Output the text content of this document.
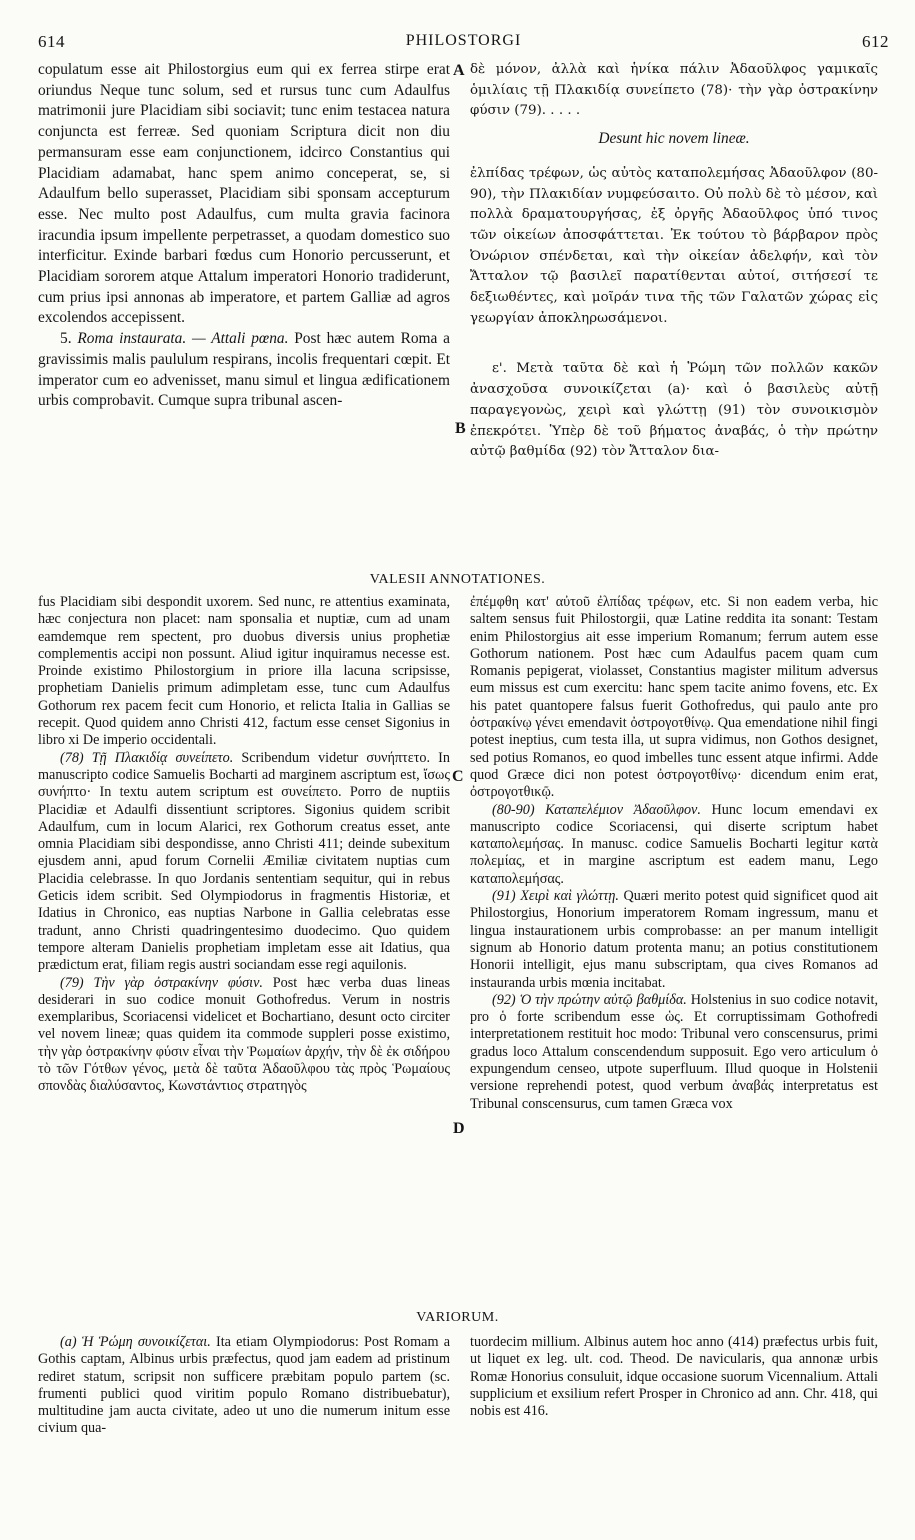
614	PHILOSTORGI	612
A
B
C
D

copulatum esse ait Philostorgius eum qui ex ferrea stirpe erat oriundus Neque tunc solum, sed et rursus tunc cum Adaulfus matrimonii jure Placidiam sibi sociavit; tunc enim testacea natura conjuncta est ferreæ. Sed quoniam Scriptura dicit non diu permansuram esse eam conjunctionem, idcirco Constantius qui Placidiam adamabat, hanc spem animo conceperat, se, si Adaulfum bello superasset, Placidiam sibi sponsam accepturum esse. Nec multo post Adaulfus, cum multa gravia facinora iracundia ipsum impellente perpetrasset, a quodam domestico suo interficitur. Exinde barbari fœdus cum Honorio percusserunt, et Placidiam sororem atque Attalum imperatori Honorio tradiderunt, cum prius ipsi annonas ab imperatore, et partem Galliæ ad agros excolendos accepissent.

5. Roma instaurata. — Attali pœna. Post hæc autem Roma a gravissimis malis paululum respirans, incolis frequentari cœpit. Et imperator cum eo advenisset, manu simul et lingua ædificationem urbis comprobavit. Cumque supra tribunal ascen-

δὲ μόνον, ἀλλὰ καὶ ἡνίκα πάλιν Ἀδαοῦλφος γαμικαῖς ὁμιλίαις τῇ Πλακιδίᾳ συνείπετο (78)· τὴν γὰρ ὀστρακίνην φύσιν (79). . . . .

Desunt hic novem lineæ.

ἐλπίδας τρέφων, ὡς αὐτὸς καταπολεμήσας Ἀδαοῦλφον (80-90), τὴν Πλακιδίαν νυμφεύσαιτο. Οὐ πολὺ δὲ τὸ μέσον, καὶ πολλὰ δραματουργήσας, ἐξ ὀργῆς Ἀδαοῦλφος ὑπό τινος τῶν οἰκείων ἀποσφάττεται. Ἐκ τούτου τὸ βάρβαρον πρὸς Ὀνώριον σπένδεται, καὶ τὴν οἰκείαν ἀδελφήν, καὶ τὸν Ἄτταλον τῷ βασιλεῖ παρατίθενται αὐτοί, σιτήσεσί τε δεξιωθέντες, καὶ μοῖράν τινα τῆς τῶν Γαλατῶν χώρας εἰς γεωργίαν ἀποκληρωσάμενοι.

ε'. Μετὰ ταῦτα δὲ καὶ ἡ Ῥώμη τῶν πολλῶν κακῶν ἀνασχοῦσα συνοικίζεται (a)· καὶ ὁ βασιλεὺς αὐτῇ παραγεγονὼς, χειρὶ καὶ γλώττῃ (91) τὸν συνοικισμὸν ἐπεκρότει. Ὑπὲρ δὲ τοῦ βήματος ἀναβάς, ὁ τὴν πρώτην αὐτῷ βαθμίδα (92) τὸν Ἄτταλον δια-

VALESII ANNOTATIONES.

fus Placidiam sibi despondit uxorem. Sed nunc, re attentius examinata, hæc conjectura non placet: nam sponsalia et nuptiæ, cum ad unam eamdemque rem spectent, pro duobus diversis unius prophetiæ complementis accipi non possunt. Aliud igitur inquiramus necesse est. Proinde existimo Philostorgium in priore illa lacuna scripsisse, prophetiam Danielis primum adimpletam esse, tunc cum Adaulfus Gothorum rex pacem fecit cum Honorio, et relicta Italia in Gallias se recepit. Quod quidem anno Christi 412, factum esse censet Sigonius in libro xi De imperio occidentali.

(78) Τῇ Πλακιδίᾳ συνείπετο. Scribendum videtur συνήπτετο. In manuscripto codice Samuelis Bocharti ad marginem ascriptum est, ἴσως συνήπτο· In textu autem scriptum est συνείπετο. Porro de nuptiis Placidiæ et Adaulfi dissentiunt scriptores. Sigonius quidem scribit Adaulfum, cum in locum Alarici, rex Gothorum creatus esset, ante omnia Placidiam sibi despondisse, anno Christi 411; deinde subexitum ejusdem anni, apud forum Cornelii Æmiliæ civitatem nuptias cum Placidia celebrasse. In quo Jordanis sententiam sequitur, qui in rebus Geticis idem scribit. Sed Olympiodorus in fragmentis Historiæ, et Idatius in Chronico, eas nuptias Narbone in Gallia celebratas esse tradunt, anno Christi quadringentesimo duodecimo. Quo quidem tempore alteram Danielis prophetiam impletam esse ait Idatius, qua prædictum erat, filiam regis austri sociandam esse regi aquilonis.

(79) Τὴν γὰρ ὀστρακίνην φύσιν. Post hæc verba duas lineas desiderari in suo codice monuit Gothofredus. Verum in nostris exemplaribus, Scoriacensi videlicet et Bochartiano, desunt octo circiter vel novem lineæ; quas quidem ita commode suppleri posse existimo, τὴν γὰρ ὀστρακίνην φύσιν εἶναι τὴν Ῥωμαίων ἀρχήν, τὴν δὲ ἐκ σιδήρου τὸ τῶν Γότθων γένος, μετὰ δὲ ταῦτα Ἀδαοῦλφου τὰς πρὸς Ῥωμαίους σπονδὰς διαλύσαντος, Κωνστάντιος στρατηγὸς

ἐπέμφθη κατ' αὐτοῦ ἐλπίδας τρέφων, etc. Si non eadem verba, hic saltem sensus fuit Philostorgii, quæ Latine reddita ita sonant: Testam enim Philostorgius ait esse imperium Romanum; ferrum autem esse Gothorum nationem. Post hæc cum Adaulfus pacem quam cum Romanis pepigerat, violasset, Constantius magister militum adversus eum missus est cum exercitu: hanc spem tacite animo fovens, etc. Ex his patet quantopere falsus fuerit Gothofredus, qui paulo ante pro ὀστρακίνῳ γένει emendavit ὀστρογοτθίνῳ. Qua emendatione nihil fingi potest ineptius, cum testa illa, ut supra vidimus, non Gothos designet, sed potius Romanos, eo quod imbelles tunc essent atque infirmi. Adde quod Græce dici non potest ὀστρογοτθίνῳ· dicendum enim erat, ὀστρογοτθικῷ.

(80-90) Καταπελέμιον Ἀδαοῦλφον. Hunc locum emendavi ex manuscripto codice Scoriacensi, qui diserte scriptum habet καταπολεμήσας. In manusc. codice Samuelis Bocharti legitur κατὰ πολεμίας, et in margine ascriptum est eadem manu, Lego καταπολεμήσας.

(91) Χειρὶ καὶ γλώττῃ. Quæri merito potest quid significet quod ait Philostorgius, Honorium imperatorem Romam ingressum, manu et lingua instaurationem urbis comprobasse: an per manum intelligit signum ab Honorio datum protenta manu; an potius constitutionem Honorii intelligit, ejus manu subscriptam, qua cives Romanos ad instauranda urbis mœnia incitabat.

(92) Ὁ τὴν πρώτην αὐτῷ βαθμίδα. Holstenius in suo codice notavit, pro ὁ forte scribendum esse ὡς. Et corruptissimam Gothofredi interpretationem restituit hoc modo: Tribunal vero conscensurus, primi gradus loco Attalum conscendendum supposuit. Ego vero articulum ὁ expungendum censeo, utpote superfluum. Illud quoque in Holstenii versione reprehendi potest, quod verbum ἀναβάς interpretatus est Tribunal conscensurus, cum tamen Græca vox

VARIORUM.

(a) Ἡ Ῥώμη συνοικίζεται. Ita etiam Olympiodorus: Post Romam a Gothis captam, Albinus urbis præfectus, quod jam eadem ad pristinum rediret statum, scripsit non sufficere præbitam populo partem (sc. frumenti publici quod viritim populo Romano distribuebatur), multitudine jam aucta civitate, adeo ut uno die numerum initum esse civium qua-

tuordecim millium. Albinus autem hoc anno (414) præfectus urbis fuit, ut liquet ex leg. ult. cod. Theod. De navicularis, qua annonæ urbis Romæ Honorius consuluit, idque occasione suorum Vicennalium. Attali supplicium et exsilium refert Prosper in Chronico ad ann. Chr. 418, qui nobis est 416.
